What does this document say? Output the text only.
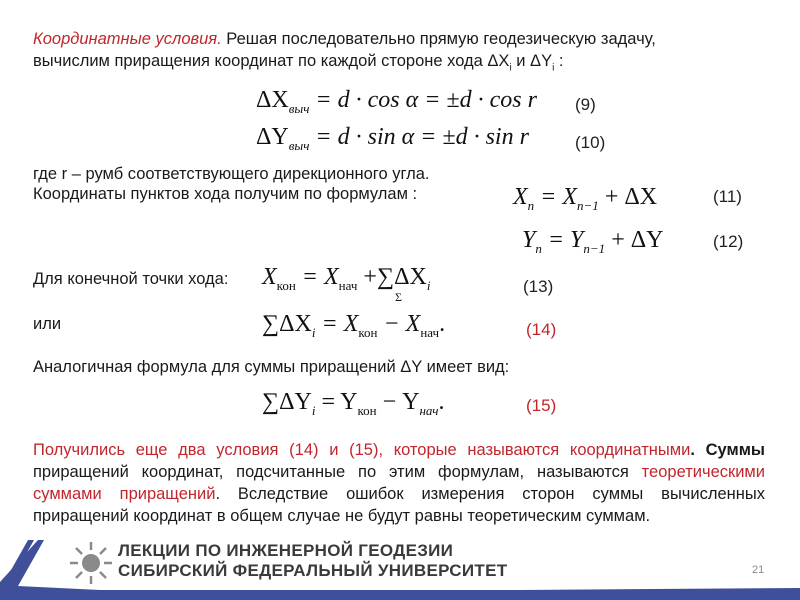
Координатные условия. Решая последовательно прямую геодезическую задачу,
вычислим приращения координат по каждой стороне хода $\Delta X_i$ и $\Delta Y_i$ :
$\Delta X_{выч} = d \cdot \cos \alpha = \pm d \cdot \cos r$ (9)
$\Delta Y_{выч} = d \cdot \sin \alpha = \pm d \cdot \sin r$	(10)
где r – румб соответствующего дирекционного угла.
Координаты пунктов хода получим по формулам :	$X_n = X_{n-1} + \Delta X$	(11)
$Y_n = Y_{n-1} + \Delta Y$	(12)
Для конечной точки хода: $X_{кон} = X_{нач} +\sum\Delta X_i$
Σ
(13)
или	$\sum\Delta X_i = X_{кон} - X_{нач}$.	(14)
Аналогичная формула для суммы приращений ΔY имеет вид:
$\sum\Delta Y_i = Y_{кон} - Y_{нач}$.	(15)
Получились еще два условия (14) и (15), которые называются координатными. Суммы приращений координат, подсчитанные по этим формулам, называются теоретическими суммами приращений. Вследствие ошибок измерения сторон суммы вычисленных приращений координат в общем случае не будут равны теоретическим суммам.
ЛЕКЦИИ ПО ИНЖЕНЕРНОЙ ГЕОДЕЗИИ
СИБИРСКИЙ ФЕДЕРАЛЬНЫЙ УНИВЕРСИТЕТ	21
